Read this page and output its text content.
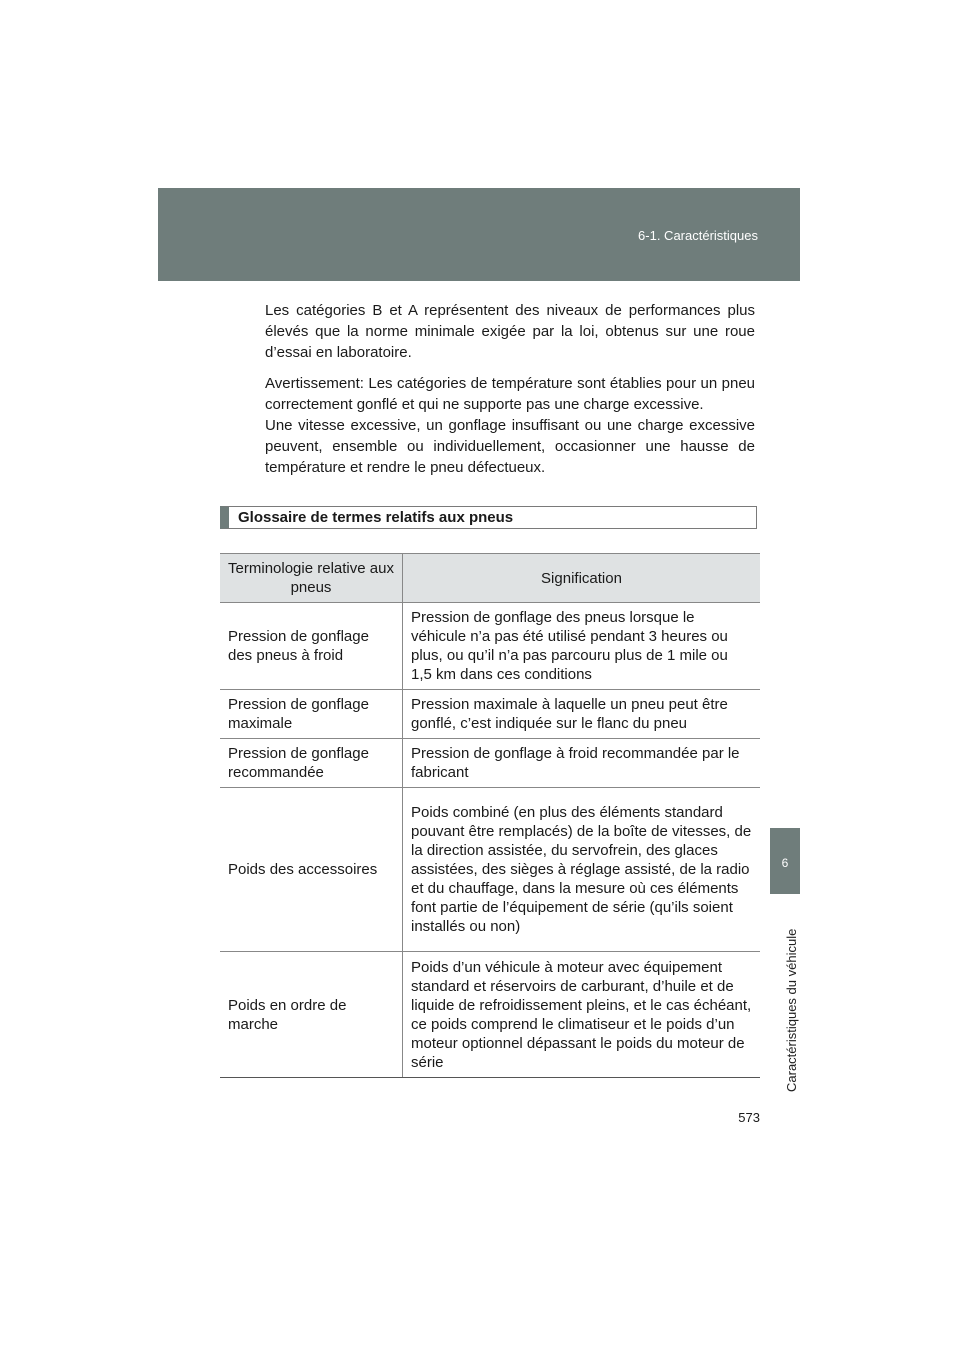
6-1. Caractéristiques
6
Caractéristiques du véhicule

Les catégories B et A représentent des niveaux de performances plus élevés que la norme minimale exigée par la loi, obtenus sur une roue d’essai en laboratoire.

Avertissement: Les catégories de température sont établies pour un pneu correctement gonflé et qui ne supporte pas une charge excessive.

Une vitesse excessive, un gonflage insuffisant ou une charge excessive peuvent, ensemble ou individuellement, occasionner une hausse de température et rendre le pneu défectueux.

Glossaire de termes relatifs aux pneus
Terminologie relative aux pneus	Signification
Pression de gonflage des pneus à froid	Pression de gonflage des pneus lorsque le véhicule n’a pas été utilisé pendant 3 heures ou plus, ou qu’il n’a pas parcouru plus de 1 mile ou 1,5 km dans ces conditions
Pression de gonflage maximale	Pression maximale à laquelle un pneu peut être gonflé, c’est indiquée sur le flanc du pneu
Pression de gonflage recommandée	Pression de gonflage à froid recommandée par le fabricant
Poids des accessoires	Poids combiné (en plus des éléments standard pouvant être remplacés) de la boîte de vitesses, de la direction assistée, du servofrein, des glaces assistées, des sièges à réglage assisté, de la radio et du chauffage, dans la mesure où ces éléments font partie de l’équipement de série (qu’ils soient installés ou non)
Poids en ordre de marche	Poids d’un véhicule à moteur avec équipement standard et réservoirs de carburant, d’huile et de liquide de refroidissement pleins, et le cas échéant, ce poids comprend le climatiseur et le poids d’un moteur optionnel dépassant le poids du moteur de série
573
